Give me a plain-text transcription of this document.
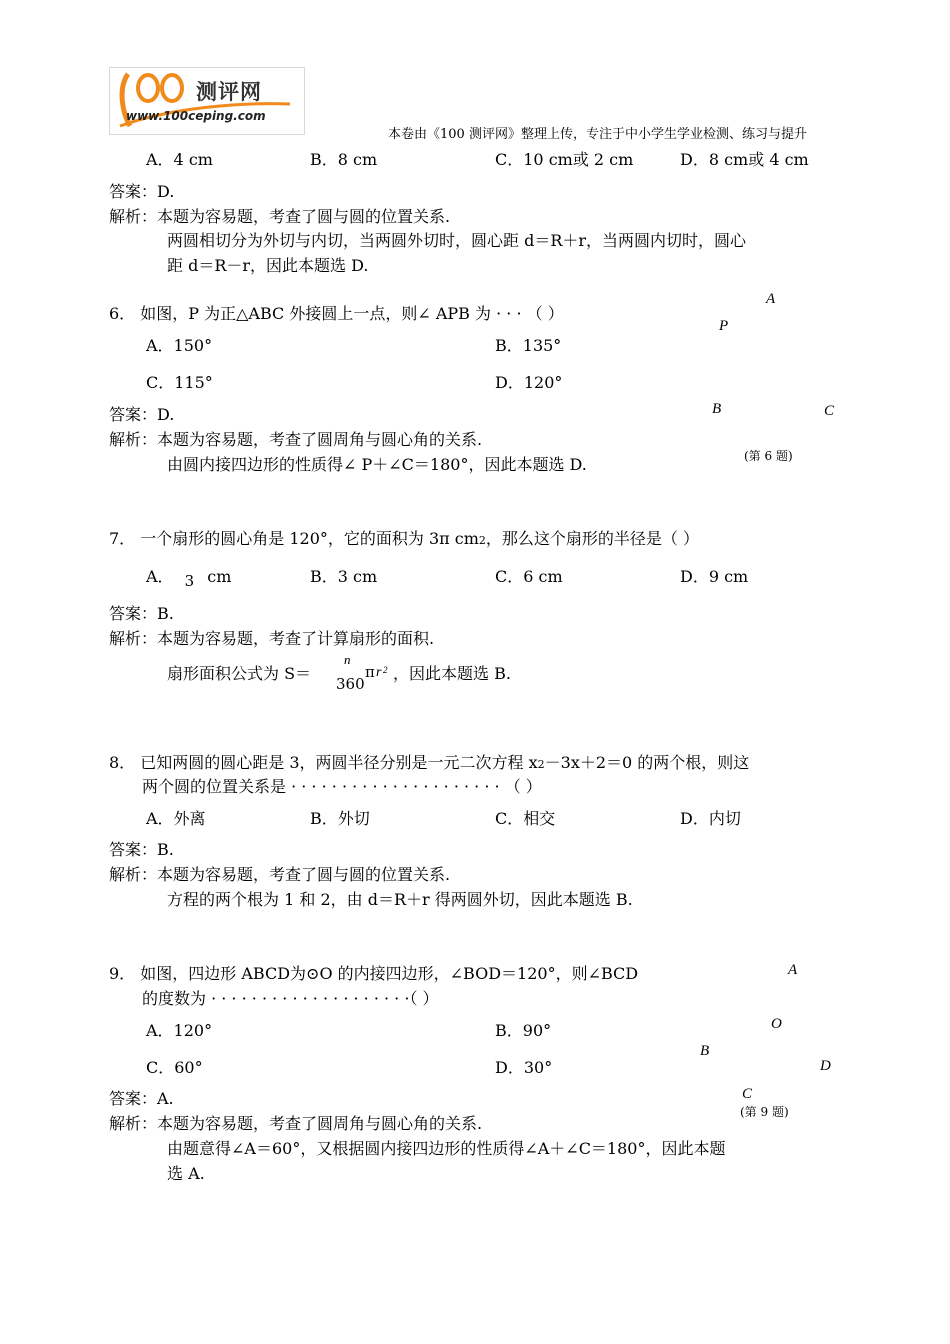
测评网
www.100ceping.com
本卷由《100 测评网》整理上传，专注于中小学生学业检测、练习与提升
A．4 cm	B．8 cm	C．10 cm或 2 cm	D．8 cm或 4 cm
答案：D.
解析：本题为容易题，考查了圆与圆的位置关系.
两圆相切分为外切与内切，当两圆外切时，圆心距 d＝R＋r，当两圆内切时，圆心
距 d＝R－r，因此本题选 D.
6． 如图，P 为正△ABC 外接圆上一点，则∠ APB 为 · · · （ ）
A．150°	B．135°
C．115°	D．120°
答案：D.
解析：本题为容易题，考查了圆周角与圆心角的关系.
由圆内接四边形的性质得∠ P＋∠C＝180°，因此本题选 D.
A
P
B	C
(第 6 题)
7． 一个扇形的圆心角是 120°，它的面积为 3π cm2，那么这个扇形的半径是（ ）
A． 3 cm	B．3 cm	C．6 cm	D．9 cm
答案：B.
解析：本题为容易题，考查了计算扇形的面积.
扇形面积公式为 S＝
n
360
π r 2 ，因此本题选 B.
8． 已知两圆的圆心距是 3，两圆半径分别是一元二次方程 x2－3x＋2＝0 的两个根，则这
两个圆的位置关系是 · · · · · · · · · · · · · · · · · · · · · （ ）
A．外离	B．外切	C．相交	D．内切
答案：B.
解析：本题为容易题，考查了圆与圆的位置关系.
方程的两个根为 1 和 2，由 d＝R＋r 得两圆外切，因此本题选 B.
9． 如图，四边形 ABCD为⊙O 的内接四边形，∠BOD＝120°，则∠BCD
的度数为 · · · · · · · · · · · · · · · · · · · ·（ ）
A．120°	B．90°
C．60°	D．30°
答案：A.
解析：本题为容易题，考查了圆周角与圆心角的关系.
由题意得∠A＝60°，又根据圆内接四边形的性质得∠A＋∠C＝180°，因此本题
选 A.
A
O
B
D
C
(第 9 题)
